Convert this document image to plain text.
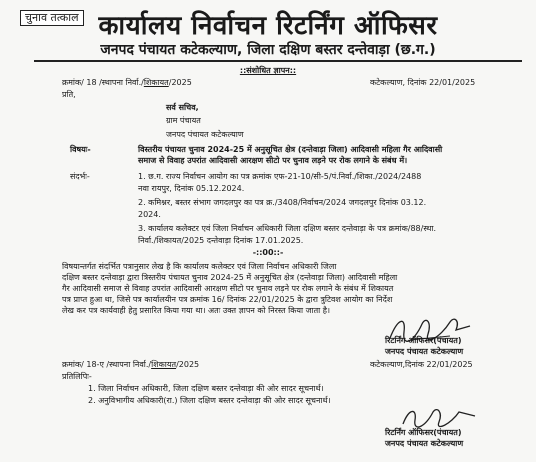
चुनाव तत्काल कार्यालय निर्वाचन रिटर्निंग ऑफिसर
जनपद पंचायत कटेकल्याण, जिला दक्षिण बस्तर दन्तेवाड़ा (छ.ग.)
::संशोधित ज्ञापन::
क्रमांक/ 18 /स्थापना निर्वा./शिकायत/2025	कटेकल्याण, दिनांक 22/01/2025
प्रति,
सर्व सचिव,
ग्राम पंचायत
जनपद पंचायत कटेकल्याण
विषयः-	विस्तरीय पंचायत चुनाव 2024-25 में अनुसूचित क्षेत्र (दन्तेवाड़ा जिला) आदिवासी महिला गैर आदिवासी
समाज से विवाह उपरांत आदिवासी आरक्षण सीटो पर चुनाव लड़ने पर रोक लगाने के संबंध में।
संदर्भः-	1. छ.ग. राज्य निर्वाचन आयोग का पत्र क्रमांक एफ-21-10/सी-5/पं.निर्वा./शिका./2024/2488
नवा रायपुर, दिनांक 05.12.2024.
2. कमिश्नर, बस्तर संभाग जगदलपुर का पत्र क्र./3408/निर्वाचन/2024 जगदलपुर दिनांक 03.12.
2024.
3. कार्यालय कलेक्टर एवं जिला निर्वाचन अधिकारी जिला दक्षिण बस्तर दन्तेवाड़ा के पत्र क्रमांक/88/स्था.
निर्वा./शिकायत/2025 दन्तेवाड़ा दिनांक 17.01.2025.
-::00::-
विषयान्तर्गत संदर्भित पत्रानुसार लेख है कि कार्यालय कलेक्टर एवं जिला निर्वाचन अधिकारी जिला
दक्षिण बस्तर दन्तेवाड़ा द्वारा त्रिस्तरीय पंचायत चुनाव 2024-25 में अनुसूचित क्षेत्र (दन्तेवाड़ा जिला) आदिवासी महिला
गैर आदिवासी समाज से विवाह उपरांत आदिवासी आरक्षण सीटो पर चुनाव लड़ने पर रोक लगाने के संबंध में शिकायत
पत्र प्राप्त हुआ था, जिसे पत्र कार्यालयीन पत्र क्रमांक 16/ दिनांक 22/01/2025 के द्वारा त्रुटिवश आयोग का निर्देश
लेख कर पत्र कार्यवाही हेतु प्रसारित किया गया था। अतः उक्त ज्ञापन को निरस्त किया जाता है।
रिटर्निंग ऑफिसर(पंचायत)
जनपद पंचायत कटेकल्याण
क्रमांक/ 18-ए /स्थापना निर्वा./शिकायत/2025	कटेकल्याण,दिनांक 22/01/2025
प्रतिलिपिः-
1. जिला निर्वाचन अधिकारी, जिला दक्षिण बस्तर दन्तेवाड़ा की ओर सादर सूचनार्थ।
2. अनुविभागीय अधिकारी(रा.) जिला दक्षिण बस्तर दन्तेवाड़ा की ओर सादर सूचनार्थ।
रिटर्निंग ऑफिसर(पंचायत)
जनपद पंचायत कटेकल्याण
